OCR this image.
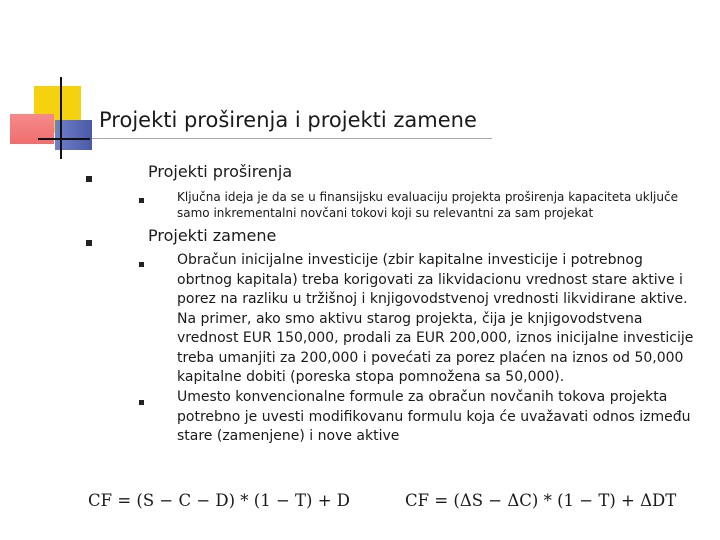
Projekti proširenja i projekti zamene
Projekti proširenja
Ključna ideja je da se u finansijsku evaluaciju projekta proširenja kapaciteta uključe samo inkrementalni novčani tokovi koji su relevantni za sam projekat
Projekti zamene
Obračun inicijalne investicije (zbir kapitalne investicije i potrebnog obrtnog kapitala) treba korigovati za likvidacionu vrednost stare aktive i porez na razliku u tržišnoj i knjigovodstvenoj vrednosti likvidirane aktive. Na primer, ako smo aktivu starog projekta, čija je knjigovodstvena vrednost EUR 150,000, prodali za EUR 200,000, iznos inicijalne investicije treba umanjiti za 200,000 i povećati za porez plaćen na iznos od 50,000 kapitalne dobiti (poreska stopa pomnožena sa 50,000).
Umesto konvencionalne formule za obračun novčanih tokova projekta potrebno je uvesti modifikovanu formulu koja će uvažavati odnos između stare (zamenjene) i nove aktive
CF = (S − C − D) * (1 − T) + D	CF = (ΔS − ΔC) * (1 − T) + ΔDT
